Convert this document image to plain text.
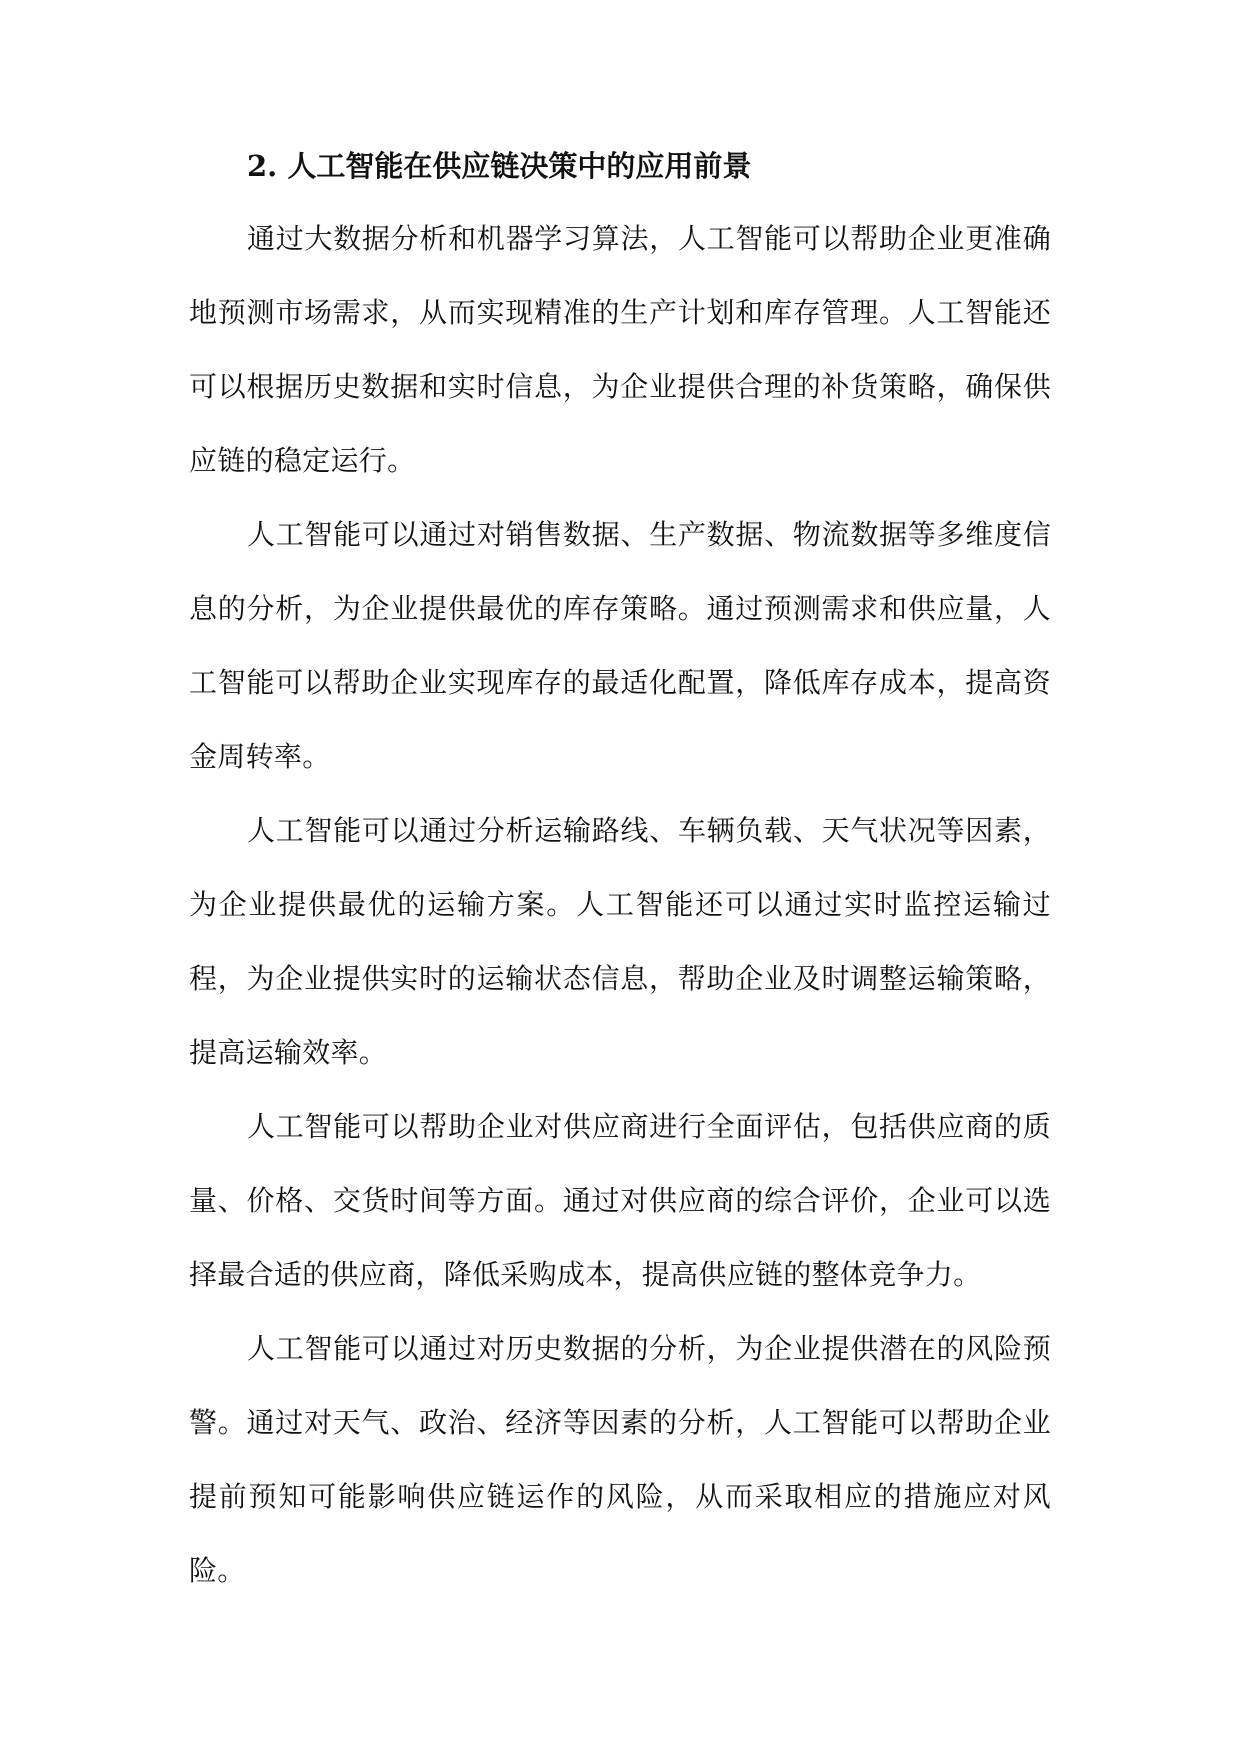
2. 人工智能在供应链决策中的应用前景

通过大数据分析和机器学习算法，人工智能可以帮助企业更准确地预测市场需求，从而实现精准的生产计划和库存管理。人工智能还可以根据历史数据和实时信息，为企业提供合理的补货策略，确保供应链的稳定运行。

人工智能可以通过对销售数据、生产数据、物流数据等多维度信息的分析，为企业提供最优的库存策略。通过预测需求和供应量，人工智能可以帮助企业实现库存的最适化配置，降低库存成本，提高资金周转率。

人工智能可以通过分析运输路线、车辆负载、天气状况等因素，为企业提供最优的运输方案。人工智能还可以通过实时监控运输过程，为企业提供实时的运输状态信息，帮助企业及时调整运输策略，提高运输效率。

人工智能可以帮助企业对供应商进行全面评估，包括供应商的质量、价格、交货时间等方面。通过对供应商的综合评价，企业可以选择最合适的供应商，降低采购成本，提高供应链的整体竞争力。

人工智能可以通过对历史数据的分析，为企业提供潜在的风险预警。通过对天气、政治、经济等因素的分析，人工智能可以帮助企业提前预知可能影响供应链运作的风险，从而采取相应的措施应对风险。
